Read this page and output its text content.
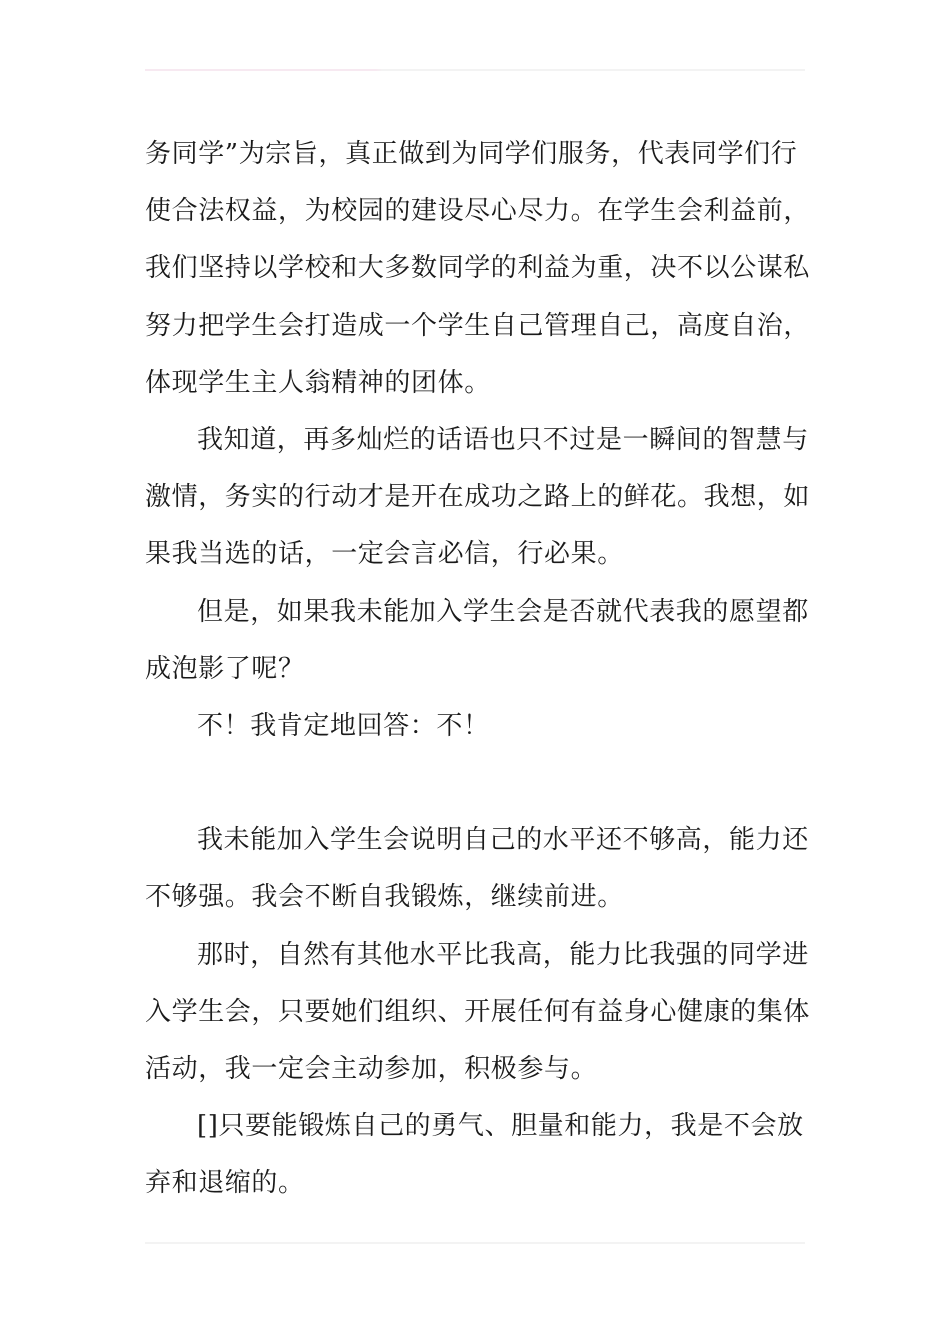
务同学”为宗旨，真正做到为同学们服务，代表同学们行
使合法权益，为校园的建设尽心尽力。在学生会利益前，
我们坚持以学校和大多数同学的利益为重，决不以公谋私
努力把学生会打造成一个学生自己管理自己，高度自治，
体现学生主人翁精神的团体。
我知道，再多灿烂的话语也只不过是一瞬间的智慧与
激情，务实的行动才是开在成功之路上的鲜花。我想，如
果我当选的话，一定会言必信，行必果。
但是，如果我未能加入学生会是否就代表我的愿望都
成泡影了呢？
不！我肯定地回答：不！
我未能加入学生会说明自己的水平还不够高，能力还
不够强。我会不断自我锻炼，继续前进。
那时，自然有其他水平比我高，能力比我强的同学进
入学生会，只要她们组织、开展任何有益身心健康的集体
活动，我一定会主动参加，积极参与。
[]只要能锻炼自己的勇气、胆量和能力，我是不会放
弃和退缩的。
